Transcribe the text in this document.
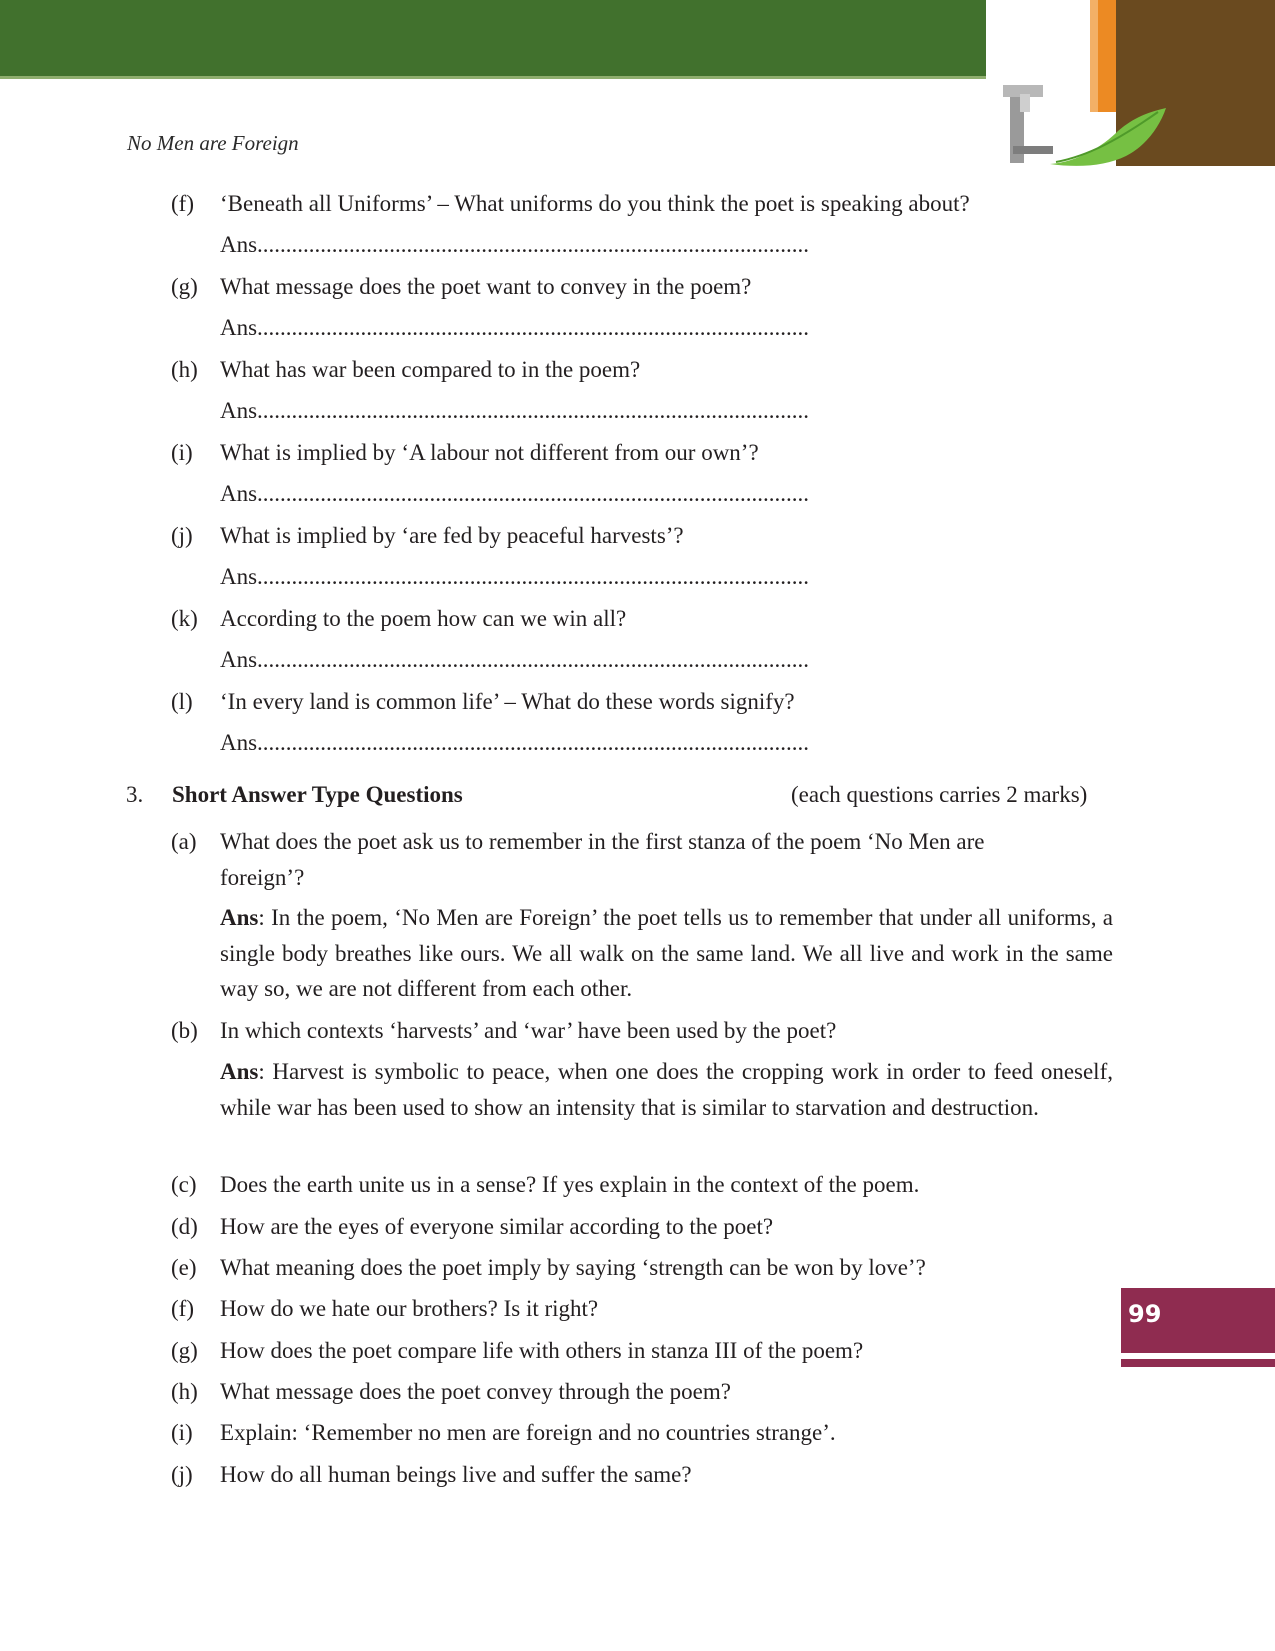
No Men are Foreign
(f) ‘Beneath all Uniforms’ – What uniforms do you think the poet is speaking about?
Ans................................................................................................
(g) What message does the poet want to convey in the poem?
Ans................................................................................................
(h) What has war been compared to in the poem?
Ans................................................................................................
(i) What is implied by ‘A labour not different from our own’?
Ans................................................................................................
(j) What is implied by ‘are fed by peaceful harvests’?
Ans................................................................................................
(k) According to the poem how can we win all?
Ans................................................................................................
(l) ‘In every land is common life’ – What do these words signify?
Ans................................................................................................
3. Short Answer Type Questions	(each questions carries 2 marks)
(a) What does the poet ask us to remember in the first stanza of the poem ‘No Men are
foreign’?
Ans: In the poem, ‘No Men are Foreign’ the poet tells us to remember that under all uniforms, a single body breathes like ours. We all walk on the same land. We all live and work in the same way so, we are not different from each other.
(b) In which contexts ‘harvests’ and ‘war’ have been used by the poet?
Ans: Harvest is symbolic to peace, when one does the cropping work in order to feed oneself, while war has been used to show an intensity that is similar to starvation and destruction.
(c) Does the earth unite us in a sense? If yes explain in the context of the poem.
(d) How are the eyes of everyone similar according to the poet?
(e) What meaning does the poet imply by saying ‘strength can be won by love’?
(f) How do we hate our brothers? Is it right?
(g) How does the poet compare life with others in stanza III of the poem?
(h) What message does the poet convey through the poem?
(i) Explain: ‘Remember no men are foreign and no countries strange’.
(j) How do all human beings live and suffer the same?
99
